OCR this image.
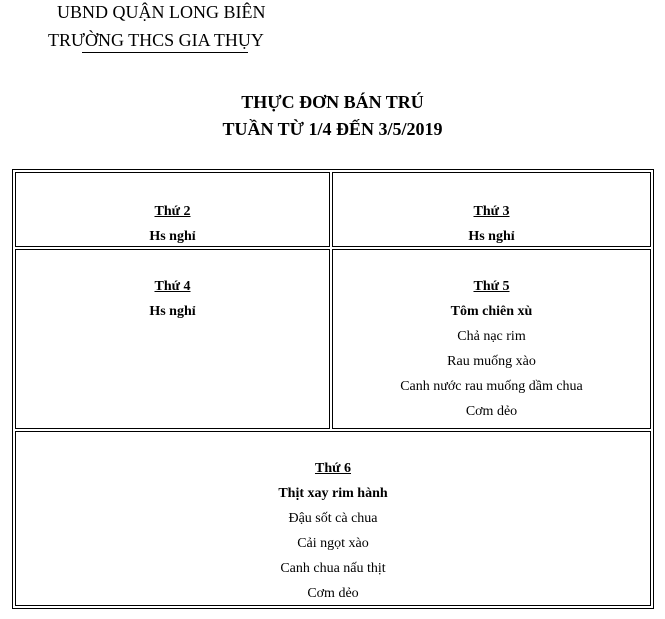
UBND QUẬN LONG BIÊN
TRƯỜNG THCS GIA THỤY
THỰC ĐƠN BÁN TRÚ
TUẦN TỪ 1/4 ĐẾN 3/5/2019
Thứ 2
Hs nghỉ
Thứ 3
Hs nghỉ
Thứ 4
Hs nghỉ
Thứ 5
Tôm chiên xù
Chả nạc rim
Rau muống xào
Canh nước rau muống dầm chua
Cơm dẻo
Thứ 6
Thịt xay rim hành
Đậu sốt cà chua
Cải ngọt xào
Canh chua nấu thịt
Cơm dẻo
